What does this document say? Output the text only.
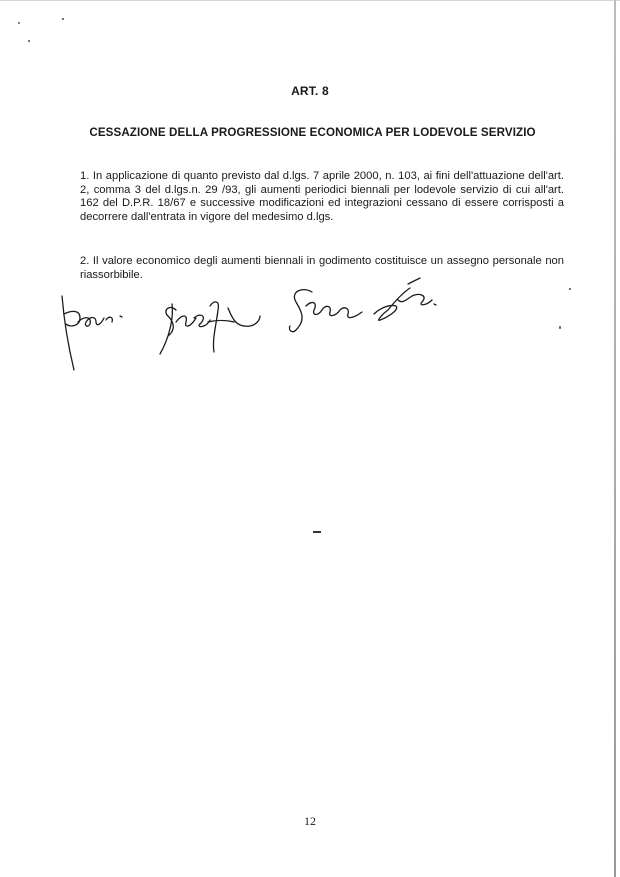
ART. 8
CESSAZIONE DELLA PROGRESSIONE ECONOMICA PER LODEVOLE SERVIZIO
1. In applicazione di quanto previsto dal d.lgs. 7 aprile 2000, n. 103, ai fini dell'attuazione dell'art. 2, comma 3 del d.lgs.n. 29 /93, gli aumenti periodici biennali per lodevole servizio di cui all'art. 162 del D.P.R. 18/67 e successive modificazioni ed integrazioni cessano di essere corrisposti a decorrere dall'entrata in vigore del medesimo d.lgs.
2. Il valore economico degli aumenti biennali in godimento costituisce un assegno personale non riassorbibile.
12
